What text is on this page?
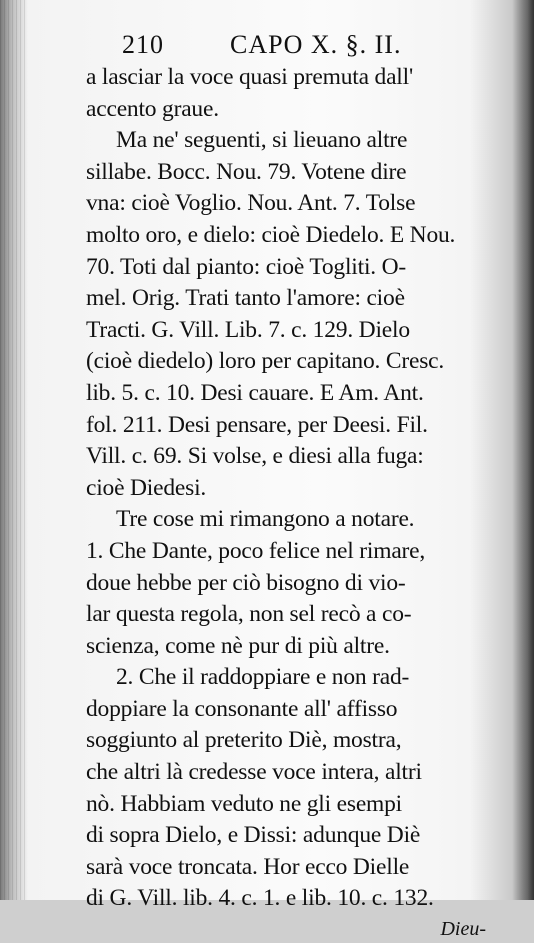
210	CAPO X. §. II.
a lasciar la voce quasi premuta dall'
accento graue.
Ma ne' seguenti, si lieuano altre
sillabe. Bocc. Nou. 79. Votene dire
vna: cioè Voglio. Nou. Ant. 7. Tolse
molto oro, e dielo: cioè Diedelo. E Nou.
70. Toti dal pianto: cioè Togliti. O-
mel. Orig. Trati tanto l'amore: cioè
Tracti. G. Vill. Lib. 7. c. 129. Dielo
(cioè diedelo) loro per capitano. Cresc.
lib. 5. c. 10. Desi cauare. E Am. Ant.
fol. 211. Desi pensare, per Deesi. Fil.
Vill. c. 69. Si volse, e diesi alla fuga:
cioè Diedesi.
Tre cose mi rimangono a notare.
1. Che Dante, poco felice nel rimare,
doue hebbe per ciò bisogno di vio-
lar questa regola, non sel recò a co-
scienza, come nè pur di più altre.
2. Che il raddoppiare e non rad-
doppiare la consonante all' affisso
soggiunto al preterito Diè, mostra,
che altri là credesse voce intera, altri
nò. Habbiam veduto ne gli esempi
di sopra Dielo, e Dissi: adunque Diè
sarà voce troncata. Hor ecco Dielle
di G. Vill. lib. 4. c. 1. e lib. 10. c. 132.
Dieu-
